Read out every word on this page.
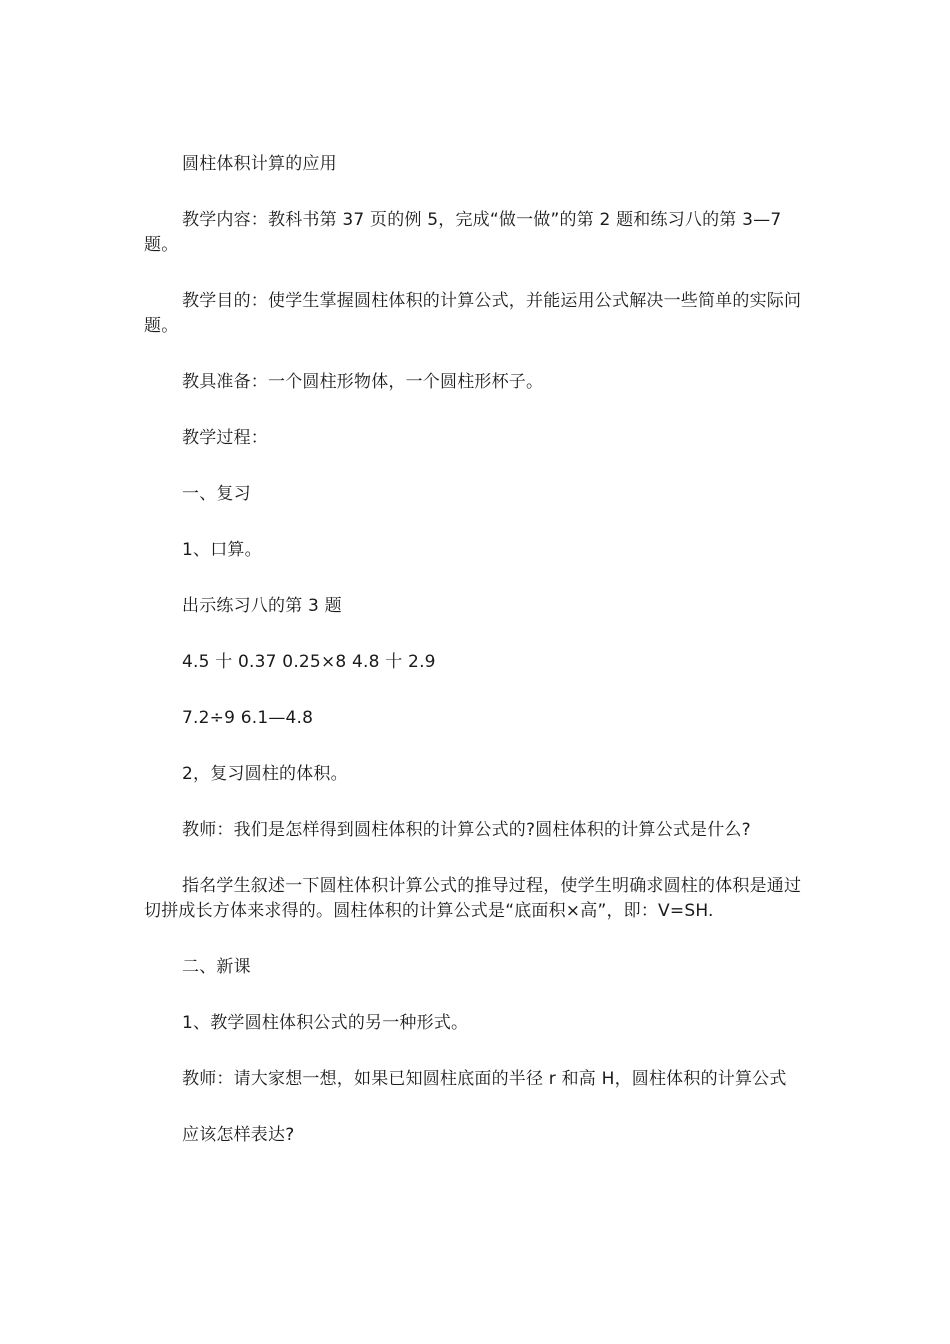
圆柱体积计算的应用

教学内容：教科书第 37 页的例 5，完成“做一做”的第 2 题和练习八的第 3—7 题。

教学目的：使学生掌握圆柱体积的计算公式，并能运用公式解决一些简单的实际问题。

教具准备：一个圆柱形物体，一个圆柱形杯子。

教学过程：

一、复习

1、口算。

出示练习八的第 3 题

4.5 十 0.37 0.25×8 4.8 十 2.9

7.2÷9 6.1—4.8

2，复习圆柱的体积。

教师：我们是怎样得到圆柱体积的计算公式的?圆柱体积的计算公式是什么?

指名学生叙述一下圆柱体积计算公式的推导过程，使学生明确求圆柱的体积是通过切拼成长方体来求得的。圆柱体积的计算公式是“底面积×高”，即：V=SH.

二、新课

1、教学圆柱体积公式的另一种形式。

教师：请大家想一想，如果已知圆柱底面的半径 r 和高 H，圆柱体积的计算公式

应该怎样表达?
